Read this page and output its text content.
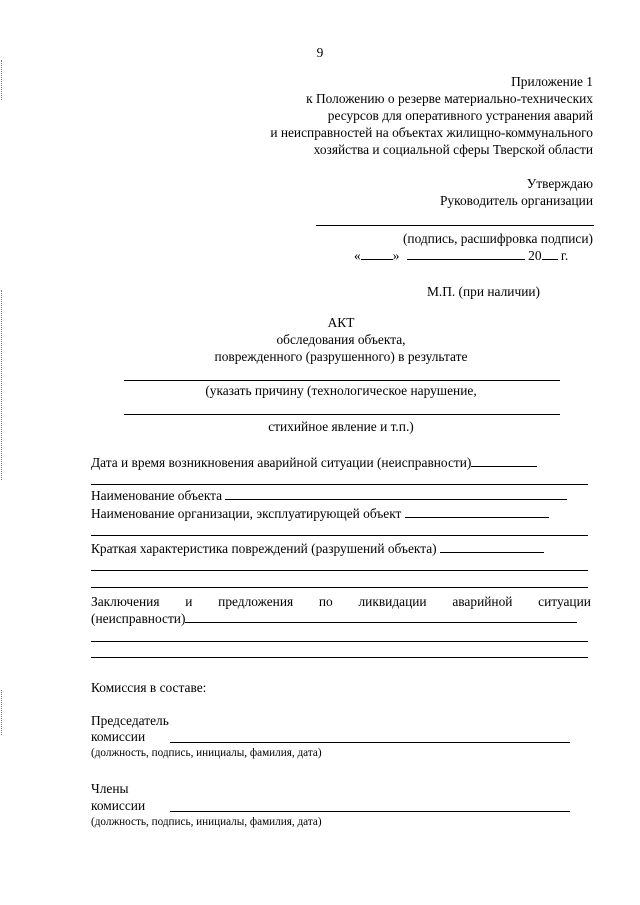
9
Приложение 1
к Положению о резерве материально-технических
ресурсов для оперативного устранения аварий
и неисправностей на объектах жилищно-коммунального
хозяйства и социальной сферы Тверской области
Утверждаю
Руководитель организации
(подпись, расшифровка подписи)
« »	20 г.
М.П. (при наличии)
АКТ
обследования объекта,
поврежденного (разрушенного) в результате
(указать причину (технологическое нарушение,
стихийное явление и т.п.)
Дата и время возникновения аварийной ситуации (неисправности)
Наименование объекта
Наименование организации, эксплуатирующей объект
Краткая характеристика повреждений (разрушений объекта)
Заключения и предложения по ликвидации аварийной ситуации
(неисправности)
Комиссия в составе:
Председатель
комиссии
(должность, подпись, инициалы, фамилия, дата)
Члены
комиссии
(должность, подпись, инициалы, фамилия, дата)
